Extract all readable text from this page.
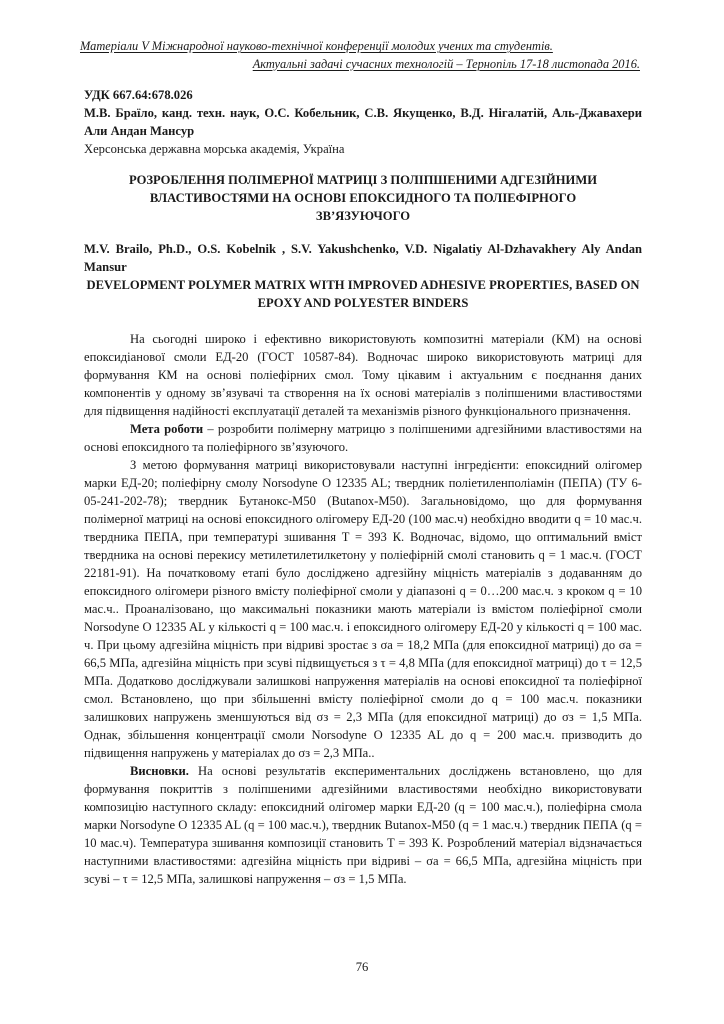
Матеріали V Міжнародної науково-технічної конференції молодих учених та студентів.
Актуальні задачі сучасних технологій – Тернопіль 17-18 листопада 2016.
УДК 667.64:678.026
М.В. Браїло, канд. техн. наук, О.С. Кобельник, С.В. Якущенко, В.Д. Нігалатій, Аль-Джавахери Али Андан Мансур
Херсонська державна морська академія, Україна
РОЗРОБЛЕННЯ ПОЛІМЕРНОЇ МАТРИЦІ З ПОЛІПШЕНИМИ АДГЕЗІЙНИМИ ВЛАСТИВОСТЯМИ НА ОСНОВІ ЕПОКСИДНОГО ТА ПОЛІЕФІРНОГО ЗВ’ЯЗУЮЧОГО
M.V. Brailo, Ph.D., O.S. Kobelnik , S.V. Yakushchenko, V.D. Nigalatiy Al-Dzhavakhery Aly Andan Mansur
DEVELOPMENT POLYMER MATRIX WITH IMPROVED ADHESIVE PROPERTIES, BASED ON EPOXY AND POLYESTER BINDERS

На сьогодні широко і ефективно використовують композитні матеріали (КМ) на основі епоксидіанової смоли ЕД-20 (ГОСТ 10587-84). Водночас широко використовують матриці для формування КМ на основі поліефірних смол. Тому цікавим і актуальним є поєднання даних компонентів у одному зв’язувачі та створення на їх основі матеріалів з поліпшеними властивостями для підвищення надійності експлуатації деталей та механізмів різного функціонального призначення.

Мета роботи – розробити полімерну матрицю з поліпшеними адгезійними властивостями на основі епоксидного та поліефірного зв’язуючого.

З метою формування матриці використовували наступні інгредієнти: епоксидний олігомер марки ЕД-20; поліефірну смолу Norsodyne O 12335 AL; твердник поліетиленполіамін (ПЕПА) (ТУ 6-05-241-202-78); твердник Бутанокс-М50 (Butanox-M50). Загальновідомо, що для формування полімерної матриці на основі епоксидного олігомеру ЕД-20 (100 мас.ч) необхідно вводити q = 10 мас.ч. твердника ПЕПА, при температурі зшивання T = 393 К. Водночас, відомо, що оптимальний вміст твердника на основі перекису метилетилетилкетону у поліефірній смолі становить q = 1 мас.ч. (ГОСТ 22181-91). На початковому етапі було досліджено адгезійну міцність матеріалів з додаванням до епоксидного олігомери різного вмісту поліефірної смоли у діапазоні q = 0…200 мас.ч. з кроком q = 10 мас.ч.. Проаналізовано, що максимальні показники мають матеріали із вмістом поліефірної смоли Norsodyne O 12335 AL у кількості q = 100 мас.ч. і епоксидного олігомеру ЕД-20 у кількості q = 100 мас. ч. При цьому адгезійна міцність при відриві зростає з σa = 18,2 МПа (для епоксидної матриці) до σa = 66,5 МПа, адгезійна міцність при зсуві підвищується з τ = 4,8 МПа (для епоксидної матриці) до τ = 12,5 МПа. Додатково досліджували залишкові напруження матеріалів на основі епоксидної та поліефірної смол. Встановлено, що при збільшенні вмісту поліефірної смоли до q = 100 мас.ч. показники залишкових напружень зменшуються від σз = 2,3 МПа (для епоксидної матриці) до σз = 1,5 МПа. Однак, збільшення концентрації смоли Norsodyne O 12335 AL до q = 200 мас.ч. призводить до підвищення напружень у матеріалах до σз = 2,3 МПа..

Висновки. На основі результатів експериментальних досліджень встановлено, що для формування покриттів з поліпшеними адгезійними властивостями необхідно використовувати композицію наступного складу: епоксидний олігомер марки ЕД-20 (q = 100 мас.ч.), поліефірна смола марки Norsodyne O 12335 AL (q = 100 мас.ч.), твердник Butanox-M50 (q = 1 мас.ч.) твердник ПЕПА (q = 10 мас.ч). Температура зшивання композиції становить T = 393 К. Розроблений матеріал відзначається наступними властивостями: адгезійна міцність при відриві – σa = 66,5 МПа, адгезійна міцність при зсуві – τ = 12,5 МПа, залишкові напруження – σз = 1,5 МПа.

76
